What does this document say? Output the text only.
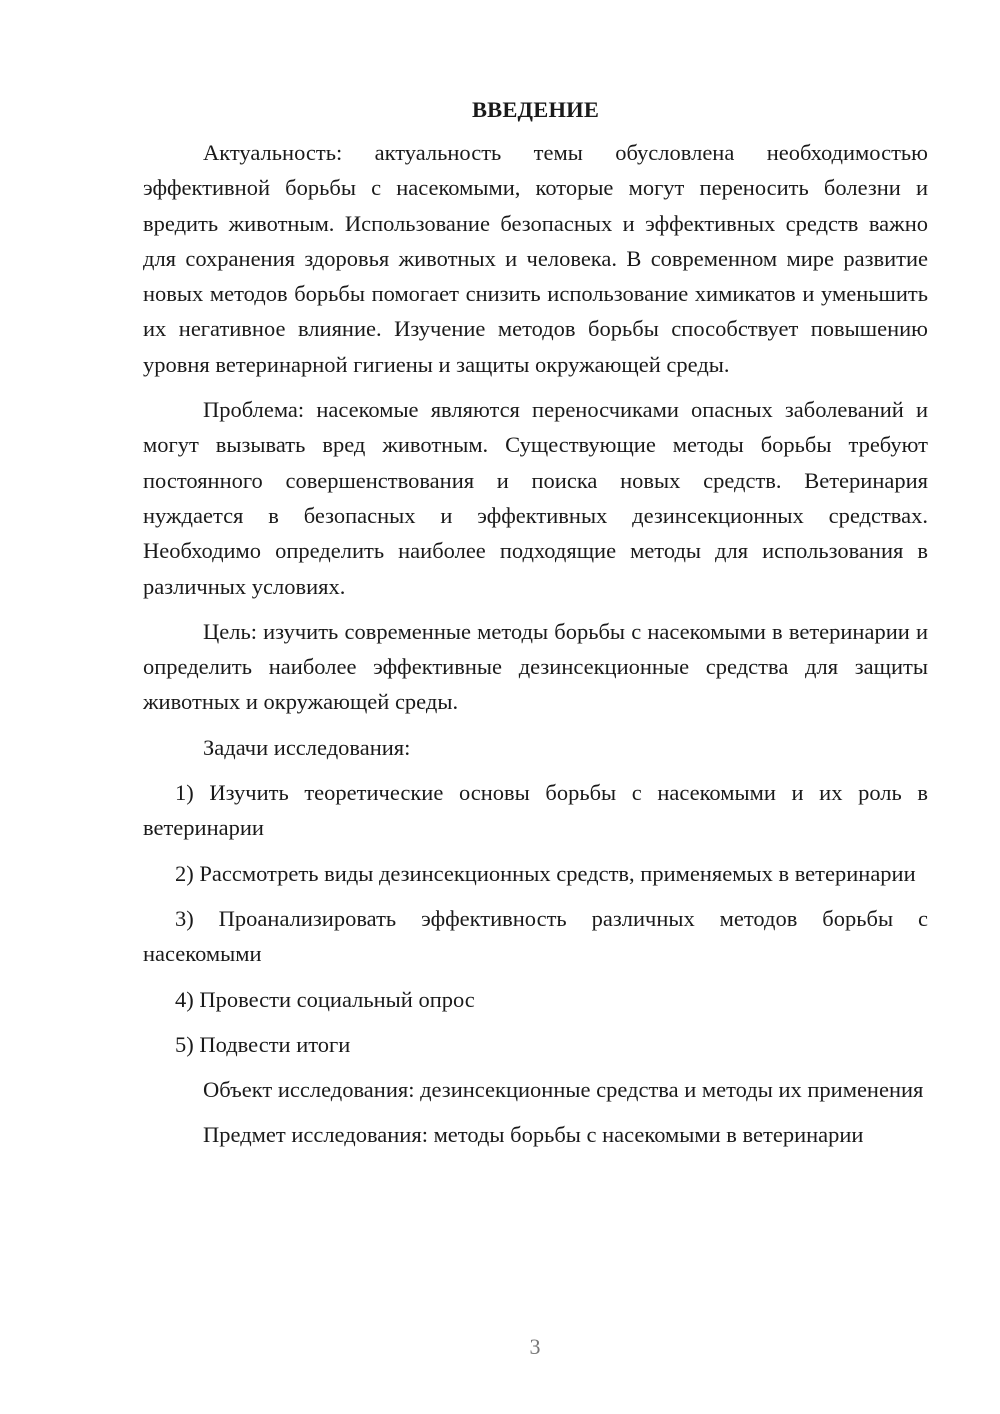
ВВЕДЕНИЕ

Актуальность: актуальность темы обусловлена необходимостью эффективной борьбы с насекомыми, которые могут переносить болезни и вредить животным. Использование безопасных и эффективных средств важно для сохранения здоровья животных и человека. В современном мире развитие новых методов борьбы помогает снизить использование химикатов и уменьшить их негативное влияние. Изучение методов борьбы способствует повышению уровня ветеринарной гигиены и защиты окружающей среды.

Проблема: насекомые являются переносчиками опасных заболеваний и могут вызывать вред животным. Существующие методы борьбы требуют постоянного совершенствования и поиска новых средств. Ветеринария нуждается в безопасных и эффективных дезинсекционных средствах. Необходимо определить наиболее подходящие методы для использования в различных условиях.

Цель: изучить современные методы борьбы с насекомыми в ветеринарии и определить наиболее эффективные дезинсекционные средства для защиты животных и окружающей среды.

Задачи исследования:

1) Изучить теоретические основы борьбы с насекомыми и их роль в ветеринарии

2) Рассмотреть виды дезинсекционных средств, применяемых в ветеринарии

3) Проанализировать эффективность различных методов борьбы с насекомыми

4) Провести социальный опрос

5) Подвести итоги

Объект исследования: дезинсекционные средства и методы их применения

Предмет исследования: методы борьбы с насекомыми в ветеринарии

3
